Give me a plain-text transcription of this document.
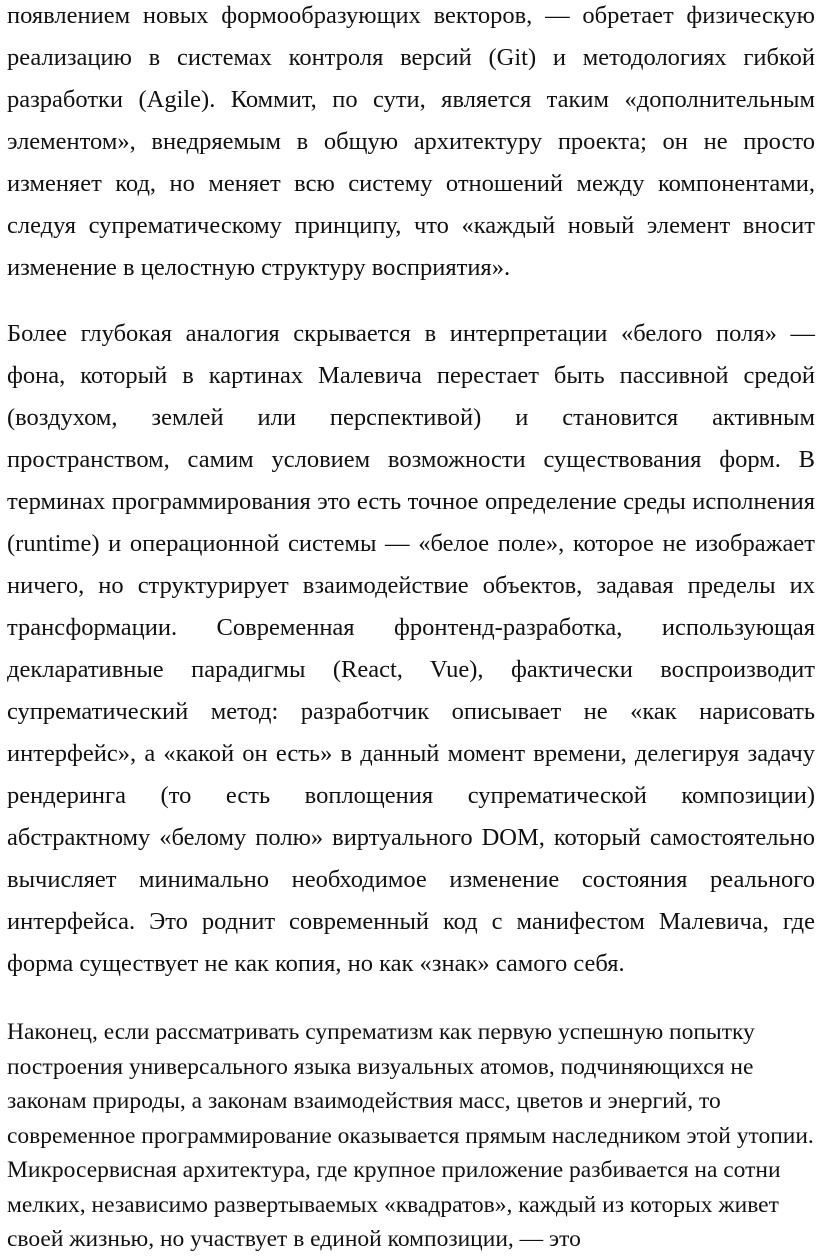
появлением новых формообразующих векторов, — обретает физическую реализацию в системах контроля версий (Git) и методологиях гибкой разработки (Agile). Коммит, по сути, является таким «дополнительным элементом», внедряемым в общую архитектуру проекта; он не просто изменяет код, но меняет всю систему отношений между компонентами, следуя супрематическому принципу, что «каждый новый элемент вносит изменение в целостную структуру восприятия».

Более глубокая аналогия скрывается в интерпретации «белого поля» — фона, который в картинах Малевича перестает быть пассивной средой (воздухом, землей или перспективой) и становится активным пространством, самим условием возможности существования форм. В терминах программирования это есть точное определение среды исполнения (runtime) и операционной системы — «белое поле», которое не изображает ничего, но структурирует взаимодействие объектов, задавая пределы их трансформации. Современная фронтенд-разработка, использующая декларативные парадигмы (React, Vue), фактически воспроизводит супрематический метод: разработчик описывает не «как нарисовать интерфейс», а «какой он есть» в данный момент времени, делегируя задачу рендеринга (то есть воплощения супрематической композиции) абстрактному «белому полю» виртуального DOM, который самостоятельно вычисляет минимально необходимое изменение состояния реального интерфейса. Это роднит современный код с манифестом Малевича, где форма существует не как копия, но как «знак» самого себя.

Наконец, если рассматривать супрематизм как первую успешную попытку построения универсального языка визуальных атомов, подчиняющихся не законам природы, а законам взаимодействия масс, цветов и энергий, то современное программирование оказывается прямым наследником этой утопии. Микросервисная архитектура, где крупное приложение разбивается на сотни мелких, независимо развертываемых «квадратов», каждый из которых живет своей жизнью, но участвует в единой композиции, — это
